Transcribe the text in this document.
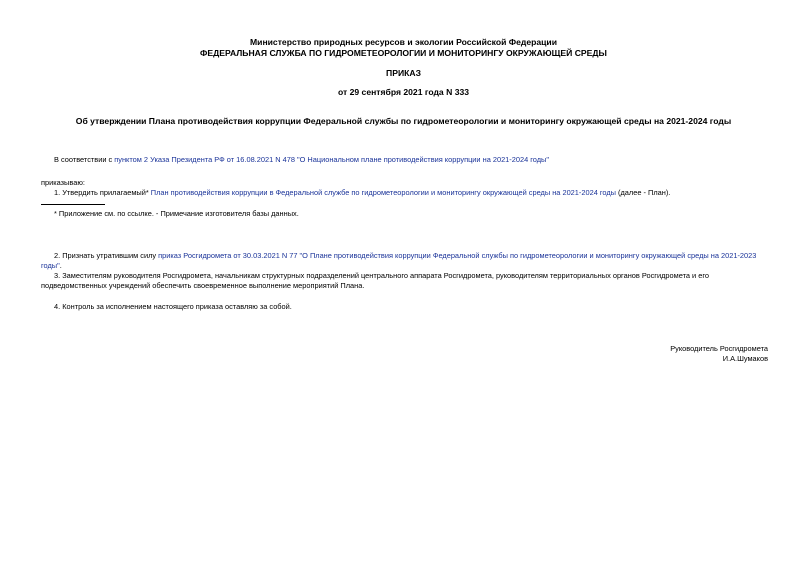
Министерство природных ресурсов и экологии Российской Федерации
ФЕДЕРАЛЬНАЯ СЛУЖБА ПО ГИДРОМЕТЕОРОЛОГИИ И МОНИТОРИНГУ ОКРУЖАЮЩЕЙ СРЕДЫ
ПРИКАЗ
от 29 сентября 2021 года N 333
Об утверждении Плана противодействия коррупции Федеральной службы по гидрометеорологии и мониторингу окружающей среды на 2021-2024 годы
В соответствии с пунктом 2 Указа Президента РФ от 16.08.2021 N 478 "О Национальном плане противодействия коррупции на 2021-2024 годы"
приказываю:
1. Утвердить прилагаемый* План противодействия коррупции в Федеральной службе по гидрометеорологии и мониторингу окружающей среды на 2021-2024 годы (далее - План).
* Приложение см. по ссылке. - Примечание изготовителя базы данных.
2. Признать утратившим силу приказ Росгидромета от 30.03.2021 N 77 "О Плане противодействия коррупции Федеральной службы по гидрометеорологии и мониторингу окружающей среды на 2021-2023 годы".
3. Заместителям руководителя Росгидромета, начальникам структурных подразделений центрального аппарата Росгидромета, руководителям территориальных органов Росгидромета и его подведомственных учреждений обеспечить своевременное выполнение мероприятий Плана.
4. Контроль за исполнением настоящего приказа оставляю за собой.
Руководитель Росгидромета
И.А.Шумаков
